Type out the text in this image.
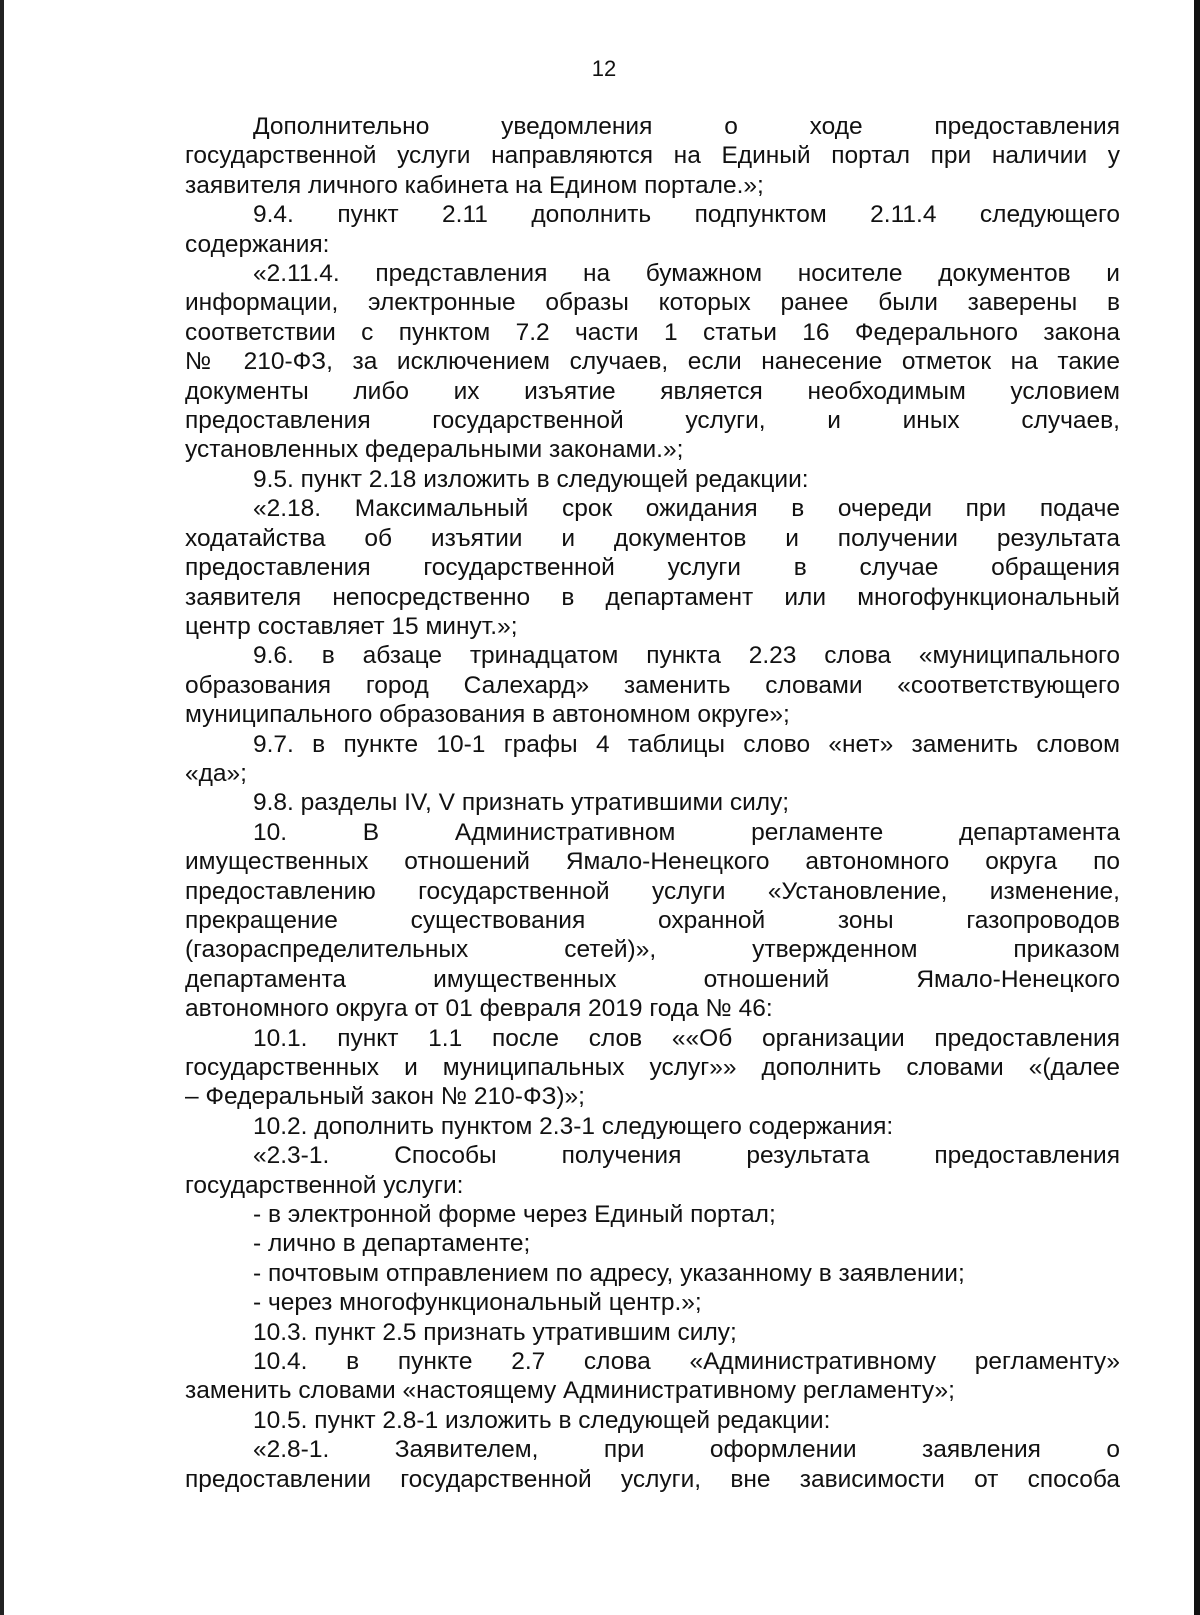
12
Дополнительно уведомления о ходе предоставления
государственной услуги направляются на Единый портал при наличии у
заявителя личного кабинета на Едином портале.»;
9.4. пункт 2.11 дополнить подпунктом 2.11.4 следующего
содержания:
«2.11.4. представления на бумажном носителе документов и
информации, электронные образы которых ранее были заверены в
соответствии с пунктом 7.2 части 1 статьи 16 Федерального закона
№ 210-ФЗ, за исключением случаев, если нанесение отметок на такие
документы либо их изъятие является необходимым условием
предоставления государственной услуги, и иных случаев,
установленных федеральными законами.»;
9.5. пункт 2.18 изложить в следующей редакции:
«2.18. Максимальный срок ожидания в очереди при подаче
ходатайства об изъятии и документов и получении результата
предоставления государственной услуги в случае обращения
заявителя непосредственно в департамент или многофункциональный
центр составляет 15 минут.»;
9.6. в абзаце тринадцатом пункта 2.23 слова «муниципального
образования город Салехард» заменить словами «соответствующего
муниципального образования в автономном округе»;
9.7. в пункте 10-1 графы 4 таблицы слово «нет» заменить словом
«да»;
9.8. разделы IV, V признать утратившими силу;
10. В Административном регламенте департамента
имущественных отношений Ямало-Ненецкого автономного округа по
предоставлению государственной услуги «Установление, изменение,
прекращение существования охранной зоны газопроводов
(газораспределительных сетей)», утвержденном приказом
департамента имущественных отношений Ямало-Ненецкого
автономного округа от 01 февраля 2019 года № 46:
10.1. пункт 1.1 после слов ««Об организации предоставления
государственных и муниципальных услуг»» дополнить словами «(далее
– Федеральный закон № 210-ФЗ)»;
10.2. дополнить пунктом 2.3-1 следующего содержания:
«2.3-1. Способы получения результата предоставления
государственной услуги:
- в электронной форме через Единый портал;
- лично в департаменте;
- почтовым отправлением по адресу, указанному в заявлении;
- через многофункциональный центр.»;
10.3. пункт 2.5 признать утратившим силу;
10.4. в пункте 2.7 слова «Административному регламенту»
заменить словами «настоящему Административному регламенту»;
10.5. пункт 2.8-1 изложить в следующей редакции:
«2.8-1. Заявителем, при оформлении заявления о
предоставлении государственной услуги, вне зависимости от способа
